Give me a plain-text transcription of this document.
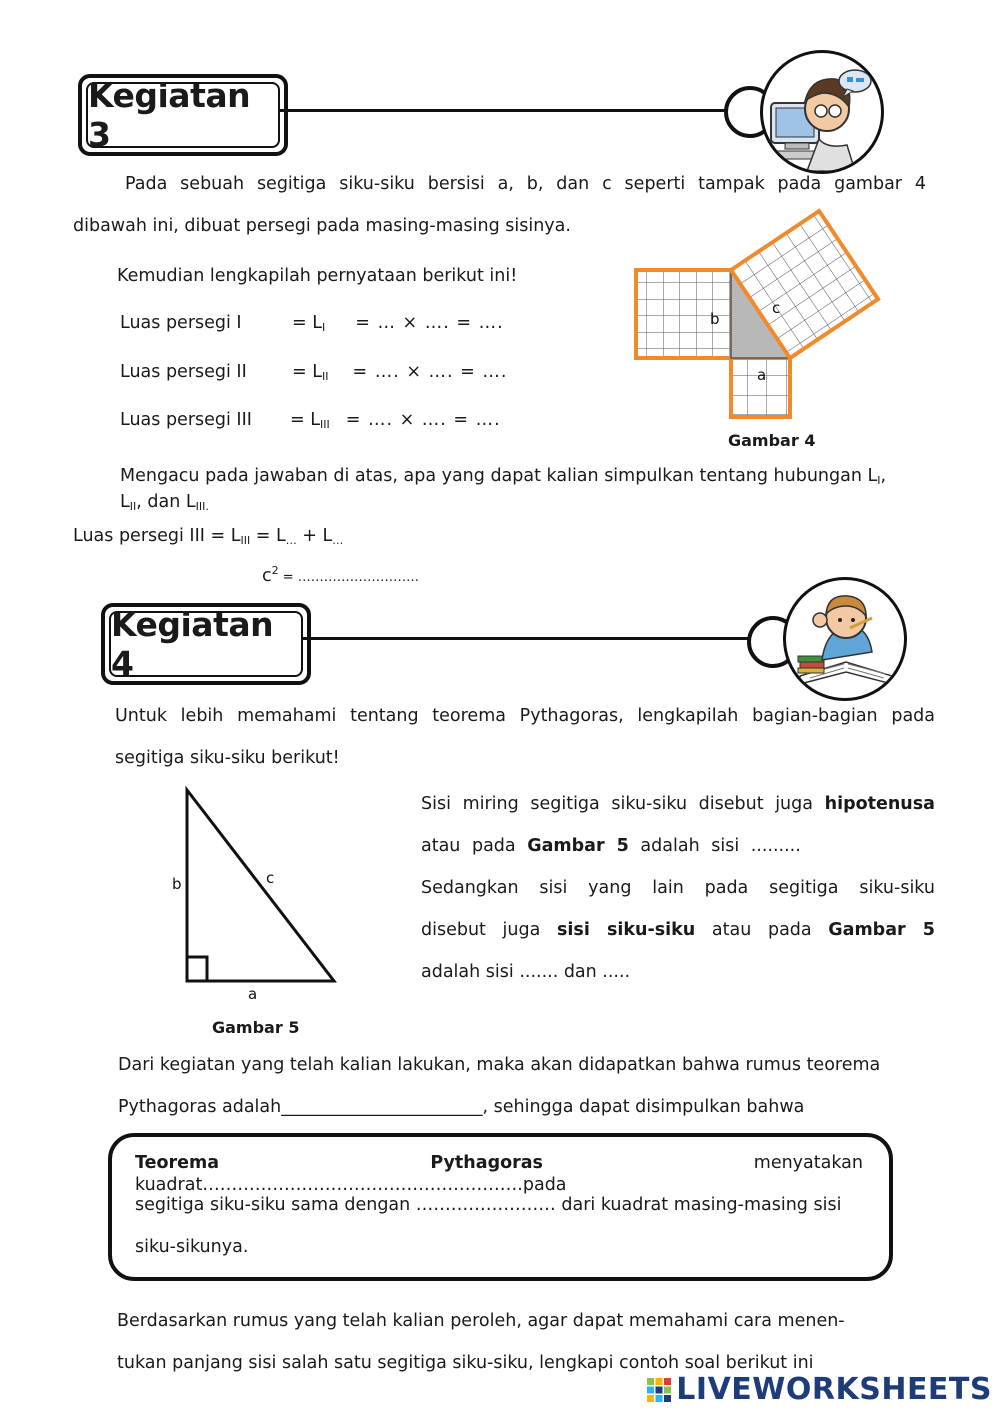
Kegiatan 3
Pada sebuah segitiga siku-siku bersisi a, b, dan c seperti tampak pada gambar 4
dibawah ini, dibuat persegi pada masing-masing sisinya.
Kemudian lengkapilah pernyataan berikut ini!
Luas persegi I	= $L_I$ = … × …. = ….
Luas persegi II	= $L_{II}$ = …. × …. = ….
Luas persegi III = $L_{III}$ = …. × …. = ….
b
c
a
Gambar 4
Mengacu pada jawaban di atas, apa yang dapat kalian simpulkan tentang hubungan $L_I$,
$L_{II}$, dan $L_{III.}$
Luas persegi III = $L_{III} = L_\dots + L_\dots$
$c^2$ = ……………………….
Kegiatan 4
Untuk lebih memahami tentang teorema Pythagoras, lengkapilah bagian-bagian pada
segitiga siku-siku berikut!
b	c
a
Gambar 5
Sisi miring segitiga siku-siku disebut juga hipotenusa
atau pada Gambar 5 adalah sisi .........
Sedangkan sisi yang lain pada segitiga siku-siku
disebut juga sisi siku-siku atau pada Gambar 5
adalah sisi ....... dan .....
Dari kegiatan yang telah kalian lakukan, maka akan didapatkan bahwa rumus teorema
Pythagoras adalah_______________________, sehingga dapat disimpulkan bahwa
Teorema Pythagoras menyatakan kuadrat……………………………………………….pada
segitiga siku-siku sama dengan …………………… dari kuadrat masing-masing sisi
siku-sikunya.
Berdasarkan rumus yang telah kalian peroleh, agar dapat memahami cara menen-
tukan panjang sisi salah satu segitiga siku-siku, lengkapi contoh soal berikut ini
LIVEWORKSHEETS
